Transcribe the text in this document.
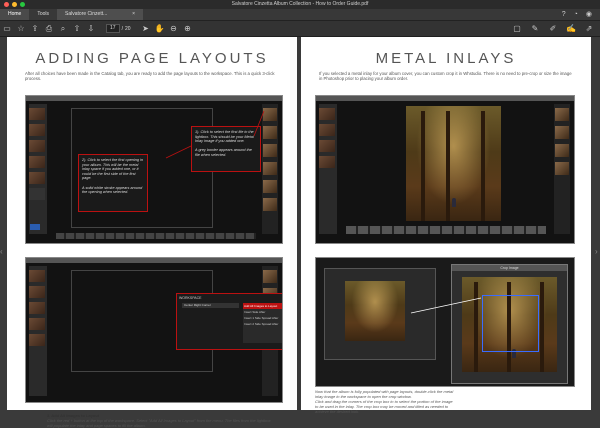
Salvatore Cinzetta Album Collection - How to Order Guide.pdf
Home	Tools	Salvatore Cinzett...	×	? ◔ ◉
▭ ☆ ⇪ ⎙	⌕	⇧ ⇩	17	/ 20	➤ ✋ ⊖ ⊕	▢	✎	✐	✍	⇗
‹	›
ADDING PAGE LAYOUTS
After all choices have been made in the Catalog tab, you are ready to add the page layouts to the workspace. This is a quick 3-click process.
1). Click to select the first file in the lightbox. This should be your Metal Inlay image if you added one.

A grey border appears around the file when selected.
2). Click to select the first opening in your album. This will be the metal inlay space if you added one, or it could be the first side of the first page.

A solid white stroke appears around the opening when selected.
WORKSPACE
Center Right Corner	Add All Images to Layout
Insert Side After
Insert 1 Side Spread After
Insert 2 Side Spread After
3. Add All Images to Layout
Click the red + button at the top of the workspace. Select "Add All Images to Layout" from the menu. The files from the lightbox will populate the inlay and page spaces to fill the album.
METAL INLAYS
If you selected a metal inlay for your album cover, you can custom crop it in Whstudio. There is no need to pre-crop or size the image in Photoshop prior to placing your album order.
Crop Image
Now that the album is fully populated with page layouts, double-click the metal inlay image in the workspace to open the crop window.
Click and drag the corners of the crop box in to select the portion of the image to be used in the inlay. The crop box may be moved and tilted as needed to achieve the desired look.
